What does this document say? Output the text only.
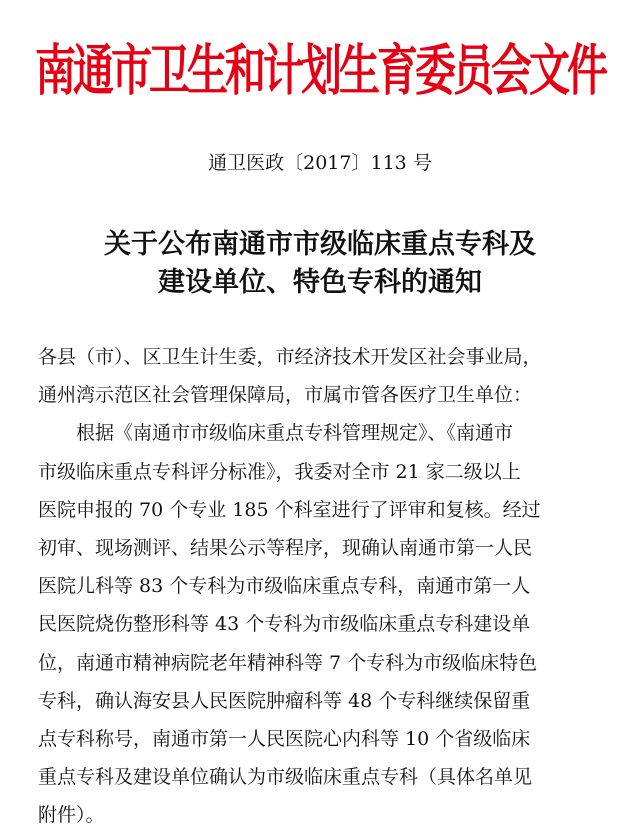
南通市卫生和计划生育委员会文件
通卫医政〔2017〕113 号
关于公布南通市市级临床重点专科及
建设单位、特色专科的通知
各县（市）、区卫生计生委，市经济技术开发区社会事业局，
通州湾示范区社会管理保障局，市属市管各医疗卫生单位：
根据《南通市市级临床重点专科管理规定》、《南通市
市级临床重点专科评分标准》，我委对全市 21 家二级以上
医院申报的 70 个专业 185 个科室进行了评审和复核。经过
初审、现场测评、结果公示等程序，现确认南通市第一人民
医院儿科等 83 个专科为市级临床重点专科，南通市第一人
民医院烧伤整形科等 43 个专科为市级临床重点专科建设单
位，南通市精神病院老年精神科等 7 个专科为市级临床特色
专科，确认海安县人民医院肿瘤科等 48 个专科继续保留重
点专科称号，南通市第一人民医院心内科等 10 个省级临床
重点专科及建设单位确认为市级临床重点专科（具体名单见
附件）。
